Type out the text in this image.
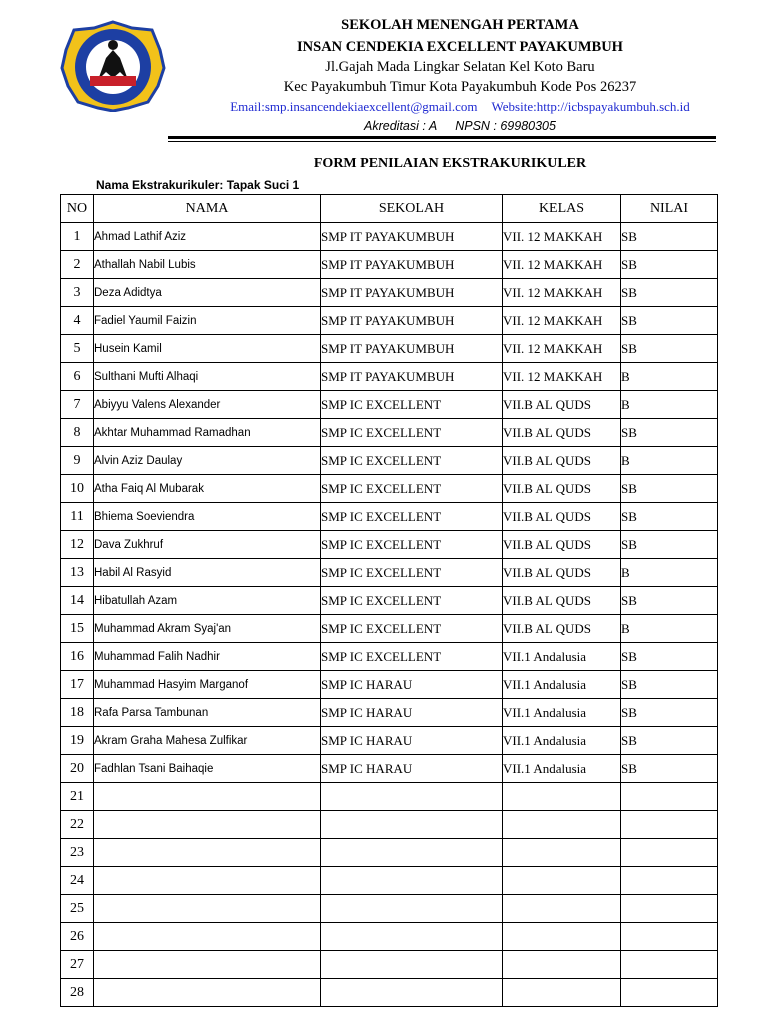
SEKOLAH MENENGAH PERTAMA
INSAN CENDEKIA EXCELLENT PAYAKUMBUH
Jl.Gajah Mada Lingkar Selatan Kel Koto Baru
Kec Payakumbuh Timur Kota Payakumbuh Kode Pos 26237
Email:smp.insancendekiaexcellent@gmail.com Website:http://icbspayakumbuh.sch.id
Akreditasi : A NPSN : 69980305
FORM PENILAIAN EKSTRAKURIKULER
Nama Ekstrakurikuler: Tapak Suci 1
NO	NAMA	SEKOLAH	KELAS	NILAI
1	Ahmad Lathif Aziz	SMP IT PAYAKUMBUH	VII. 12 MAKKAH	SB
2	Athallah Nabil Lubis	SMP IT PAYAKUMBUH	VII. 12 MAKKAH	SB
3	Deza Adidtya	SMP IT PAYAKUMBUH	VII. 12 MAKKAH	SB
4	Fadiel Yaumil Faizin	SMP IT PAYAKUMBUH	VII. 12 MAKKAH	SB
5	Husein Kamil	SMP IT PAYAKUMBUH	VII. 12 MAKKAH	SB
6	Sulthani Mufti Alhaqi	SMP IT PAYAKUMBUH	VII. 12 MAKKAH	B
7	Abiyyu Valens Alexander	SMP IC EXCELLENT	VII.B AL QUDS	B
8	Akhtar Muhammad Ramadhan	SMP IC EXCELLENT	VII.B AL QUDS	SB
9	Alvin Aziz Daulay	SMP IC EXCELLENT	VII.B AL QUDS	B
10	Atha Faiq Al Mubarak	SMP IC EXCELLENT	VII.B AL QUDS	SB
11	Bhiema Soeviendra	SMP IC EXCELLENT	VII.B AL QUDS	SB
12	Dava Zukhruf	SMP IC EXCELLENT	VII.B AL QUDS	SB
13	Habil Al Rasyid	SMP IC EXCELLENT	VII.B AL QUDS	B
14	Hibatullah Azam	SMP IC EXCELLENT	VII.B AL QUDS	SB
15	Muhammad Akram Syaj'an	SMP IC EXCELLENT	VII.B AL QUDS	B
16	Muhammad Falih Nadhir	SMP IC EXCELLENT	VII.1 Andalusia	SB
17	Muhammad Hasyim Marganof	SMP IC HARAU	VII.1 Andalusia	SB
18	Rafa Parsa Tambunan	SMP IC HARAU	VII.1 Andalusia	SB
19	Akram Graha Mahesa Zulfikar	SMP IC HARAU	VII.1 Andalusia	SB
20	Fadhlan Tsani Baihaqie	SMP IC HARAU	VII.1 Andalusia	SB
21				
22				
23				
24				
25				
26				
27				
28				
